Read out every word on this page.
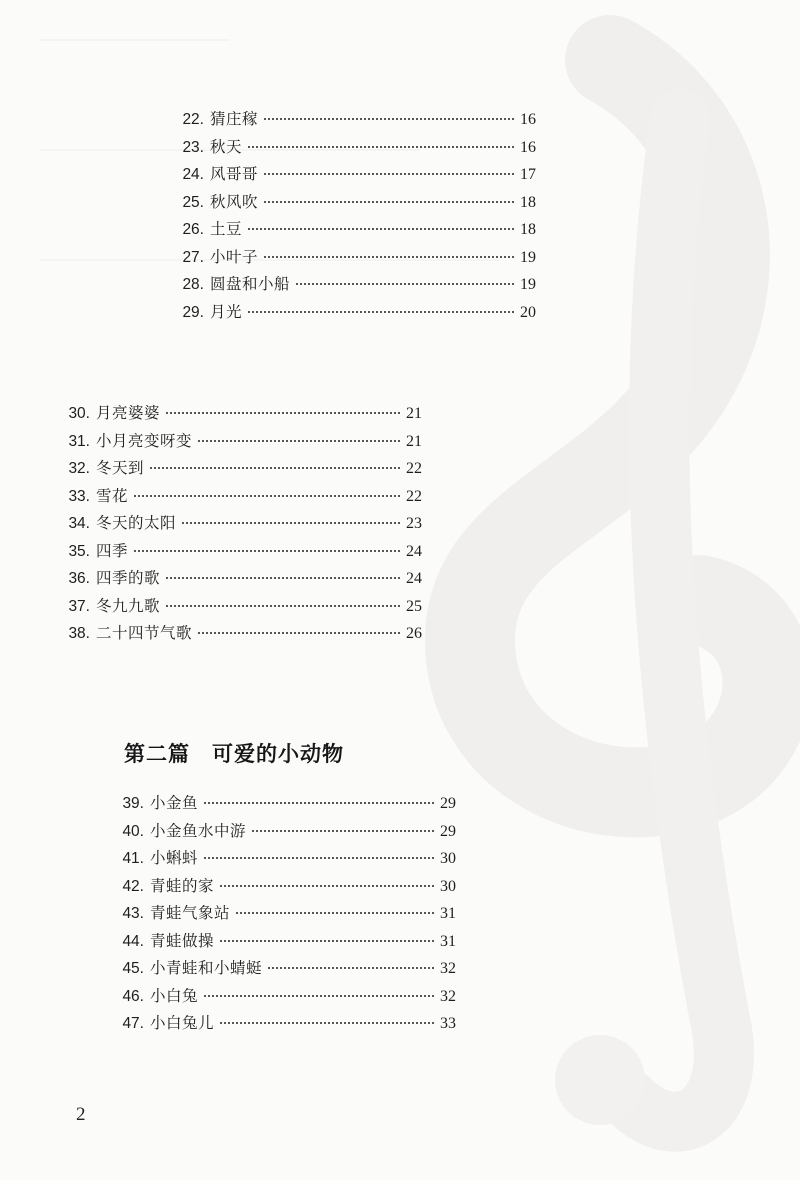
22. 猜庄稼	16
23. 秋天	16
24. 风哥哥	17
25. 秋风吹	18
26. 土豆	18
27. 小叶子	19
28. 圆盘和小船	19
29. 月光	20
30. 月亮婆婆	21
31. 小月亮变呀变	21
32. 冬天到	22
33. 雪花	22
34. 冬天的太阳	23
35. 四季	24
36. 四季的歌	24
37. 冬九九歌	25
38. 二十四节气歌	26
第二篇 可爱的小动物
39. 小金鱼	29
40. 小金鱼水中游	29
41. 小蝌蚪	30
42. 青蛙的家	30
43. 青蛙气象站	31
44. 青蛙做操	31
45. 小青蛙和小蜻蜓	32
46. 小白兔	32
47. 小白兔儿	33
2
